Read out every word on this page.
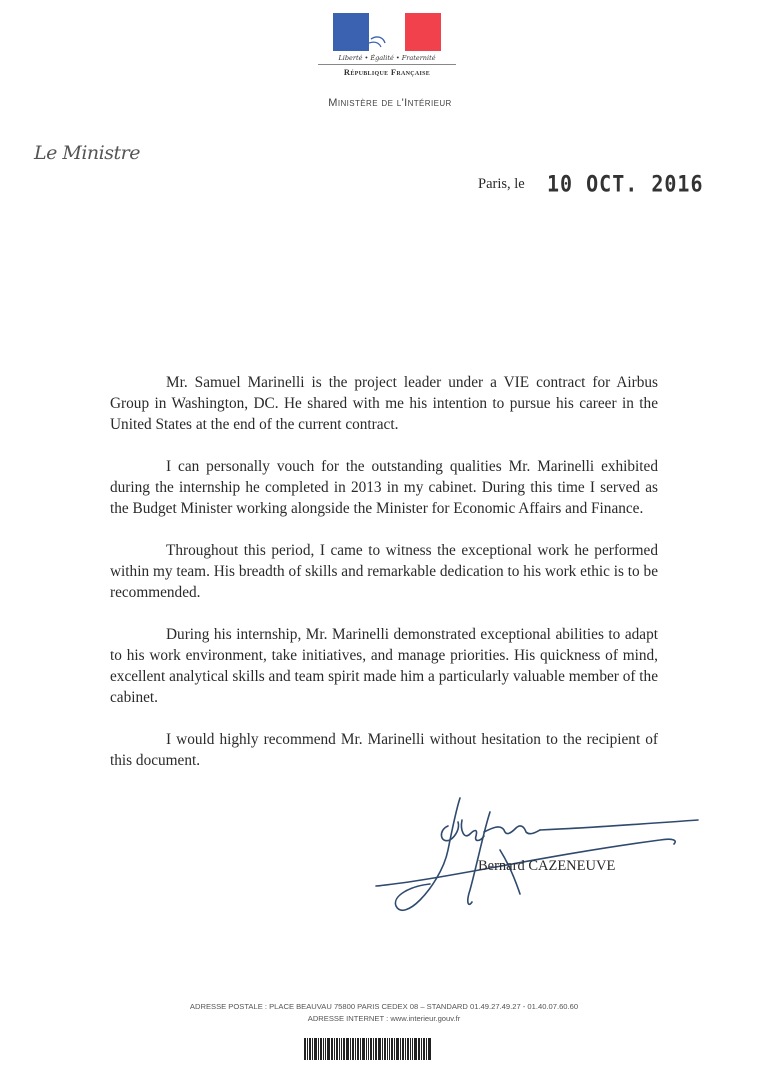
Liberté • Égalité • Fraternité
République Française
Ministère de l'Intérieur
Le Ministre
Paris, le 10 OCT. 2016

Mr. Samuel Marinelli is the project leader under a VIE contract for Airbus Group in Washington, DC. He shared with me his intention to pursue his career in the United States at the end of the current contract.

I can personally vouch for the outstanding qualities Mr. Marinelli exhibited during the internship he completed in 2013 in my cabinet. During this time I served as the Budget Minister working alongside the Minister for Economic Affairs and Finance.

Throughout this period, I came to witness the exceptional work he performed within my team. His breadth of skills and remarkable dedication to his work ethic is to be recommended.

During his internship, Mr. Marinelli demonstrated exceptional abilities to adapt to his work environment, take initiatives, and manage priorities. His quickness of mind, excellent analytical skills and team spirit made him a particularly valuable member of the cabinet.

I would highly recommend Mr. Marinelli without hesitation to the recipient of this document.

Bernard CAZENEUVE
ADRESSE POSTALE : PLACE BEAUVAU 75800 PARIS CEDEX 08 – STANDARD 01.49.27.49.27 - 01.40.07.60.60
ADRESSE INTERNET : www.interieur.gouv.fr
